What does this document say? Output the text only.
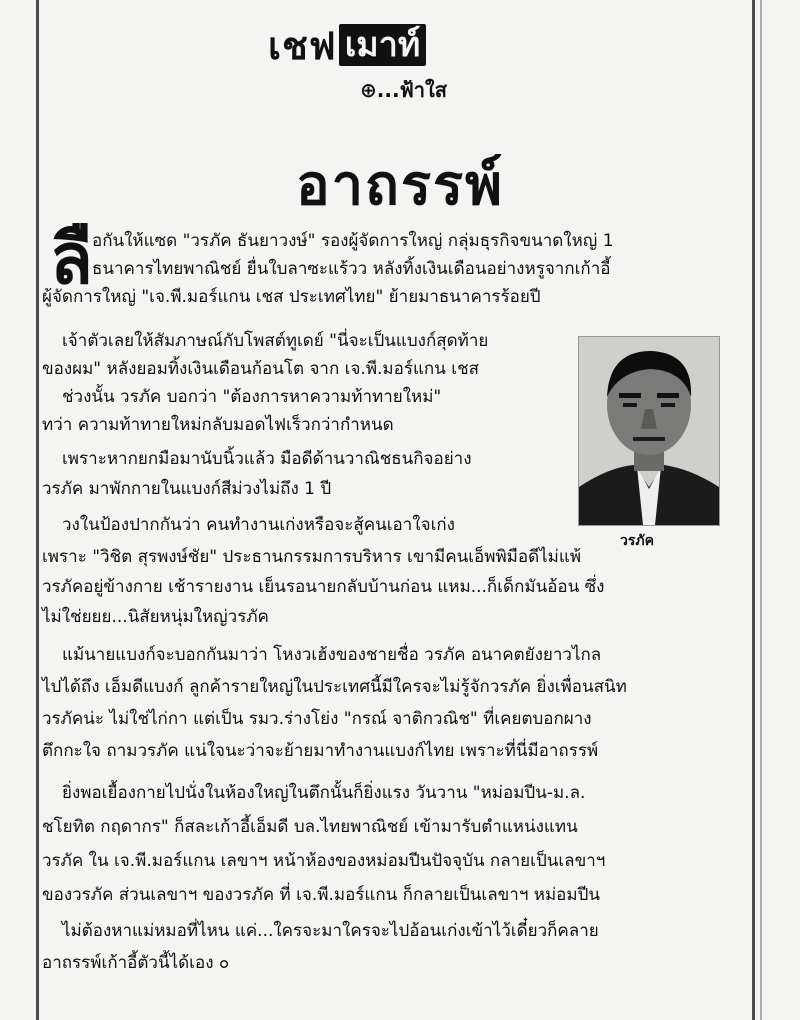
เชฟ เมาท์
⊕...ฟ้าใส
อาถรรพ์
ลื อกันให้แซด "วรภัค ธันยาวงษ์" รองผู้จัดการใหญ่ กลุ่มธุรกิจขนาดใหญ่ 1
ธนาคารไทยพาณิชย์ ยื่นใบลาซะแร้วว หลังทิ้งเงินเดือนอย่างหรูจากเก้าอี้
ผู้จัดการใหญ่ "เจ.พี.มอร์แกน เชส ประเทศไทย" ย้ายมาธนาคารร้อยปี
เจ้าตัวเลยให้สัมภาษณ์กับโพสต์ทูเดย์ "นี่จะเป็นแบงก์สุดท้าย
ของผม" หลังยอมทิ้งเงินเดือนก้อนโต จาก เจ.พี.มอร์แกน เชส
ช่วงนั้น วรภัค บอกว่า "ต้องการหาความท้าทายใหม่"
ทว่า ความท้าทายใหม่กลับมอดไฟเร็วกว่ากำหนด
เพราะหากยกมือมานับนิ้วแล้ว มือดีด้านวาณิชธนกิจอย่าง
วรภัค มาพักกายในแบงก์สีม่วงไม่ถึง 1 ปี
วงในป้องปากกันว่า คนทำงานเก่งหรือจะสู้คนเอาใจเก่ง
เพราะ "วิชิต สุรพงษ์ชัย" ประธานกรรมการบริหาร เขามีคนเอ็พพิมือดีไม่แพ้
วรภัคอยู่ข้างกาย เช้ารายงาน เย็นรอนายกลับบ้านก่อน แหม...ก็เด็กมันอ้อน ซึ่ง
ไม่ใช่ยยย...นิสัยหนุ่มใหญ่วรภัค
แม้นายแบงก์จะบอกกันมาว่า โหงวเฮ้งของชายชื่อ วรภัค อนาคตยังยาวไกล
ไปได้ถึง เอ็มดีแบงก์ ลูกค้ารายใหญ่ในประเทศนี้มีใครจะไม่รู้จักวรภัค ยิ่งเพื่อนสนิท
วรภัคน่ะ ไม่ใช่ไก่กา แต่เป็น รมว.ร่างโย่ง "กรณ์ จาติกวณิช" ที่เคยตบอกผาง
ตึกกะใจ ถามวรภัค แน่ใจนะว่าจะย้ายมาทำงานแบงก์ไทย เพราะที่นี่มีอาถรรพ์
ยิ่งพอเยื้องกายไปนั่งในห้องใหญ่ในตึกนั้นก็ยิ่งแรง วันวาน "หม่อมปีน-ม.ล.
ชโยทิต กฤดากร" ก็สละเก้าอี้เอ็มดี บล.ไทยพาณิชย์ เข้ามารับตำแหน่งแทน
วรภัค ใน เจ.พี.มอร์แกน เลขาฯ หน้าห้องของหม่อมปีนปัจจุบัน กลายเป็นเลขาฯ
ของวรภัค ส่วนเลขาฯ ของวรภัค ที่ เจ.พี.มอร์แกน ก็กลายเป็นเลขาฯ หม่อมปีน
ไม่ต้องหาแม่หมอที่ไหน แค่...ใครจะมาใครจะไปอ้อนเก่งเข้าไว้เดี๋ยวก็คลาย
อาถรรพ์เก้าอี้ตัวนี้ได้เอง ๐
วรภัค
